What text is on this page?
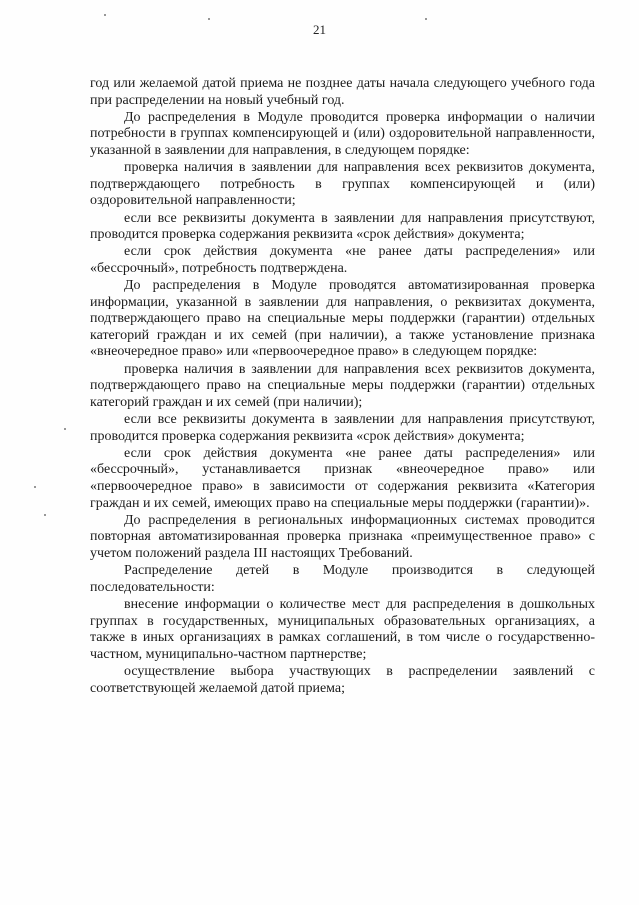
21

год или желаемой датой приема не позднее даты начала следующего учебного года при распределении на новый учебный год.

До распределения в Модуле проводится проверка информации о наличии потребности в группах компенсирующей и (или) оздоровительной направленности, указанной в заявлении для направления, в следующем порядке:

проверка наличия в заявлении для направления всех реквизитов документа, подтверждающего потребность в группах компенсирующей и (или) оздоровительной направленности;

если все реквизиты документа в заявлении для направления присутствуют, проводится проверка содержания реквизита «срок действия» документа;

если срок действия документа «не ранее даты распределения» или «бессрочный», потребность подтверждена.

До распределения в Модуле проводятся автоматизированная проверка информации, указанной в заявлении для направления, о реквизитах документа, подтверждающего право на специальные меры поддержки (гарантии) отдельных категорий граждан и их семей (при наличии), а также установление признака «внеочередное право» или «первоочередное право» в следующем порядке:

проверка наличия в заявлении для направления всех реквизитов документа, подтверждающего право на специальные меры поддержки (гарантии) отдельных категорий граждан и их семей (при наличии);

если все реквизиты документа в заявлении для направления присутствуют, проводится проверка содержания реквизита «срок действия» документа;

если срок действия документа «не ранее даты распределения» или «бессрочный», устанавливается признак «внеочередное право» или «первоочередное право» в зависимости от содержания реквизита «Категория граждан и их семей, имеющих право на специальные меры поддержки (гарантии)».

До распределения в региональных информационных системах проводится повторная автоматизированная проверка признака «преимущественное право» с учетом положений раздела III настоящих Требований.

Распределение детей в Модуле производится в следующей последовательности:

внесение информации о количестве мест для распределения в дошкольных группах в государственных, муниципальных образовательных организациях, а также в иных организациях в рамках соглашений, в том числе о государственно-частном, муниципально-частном партнерстве;

осуществление выбора участвующих в распределении заявлений с соответствующей желаемой датой приема;
